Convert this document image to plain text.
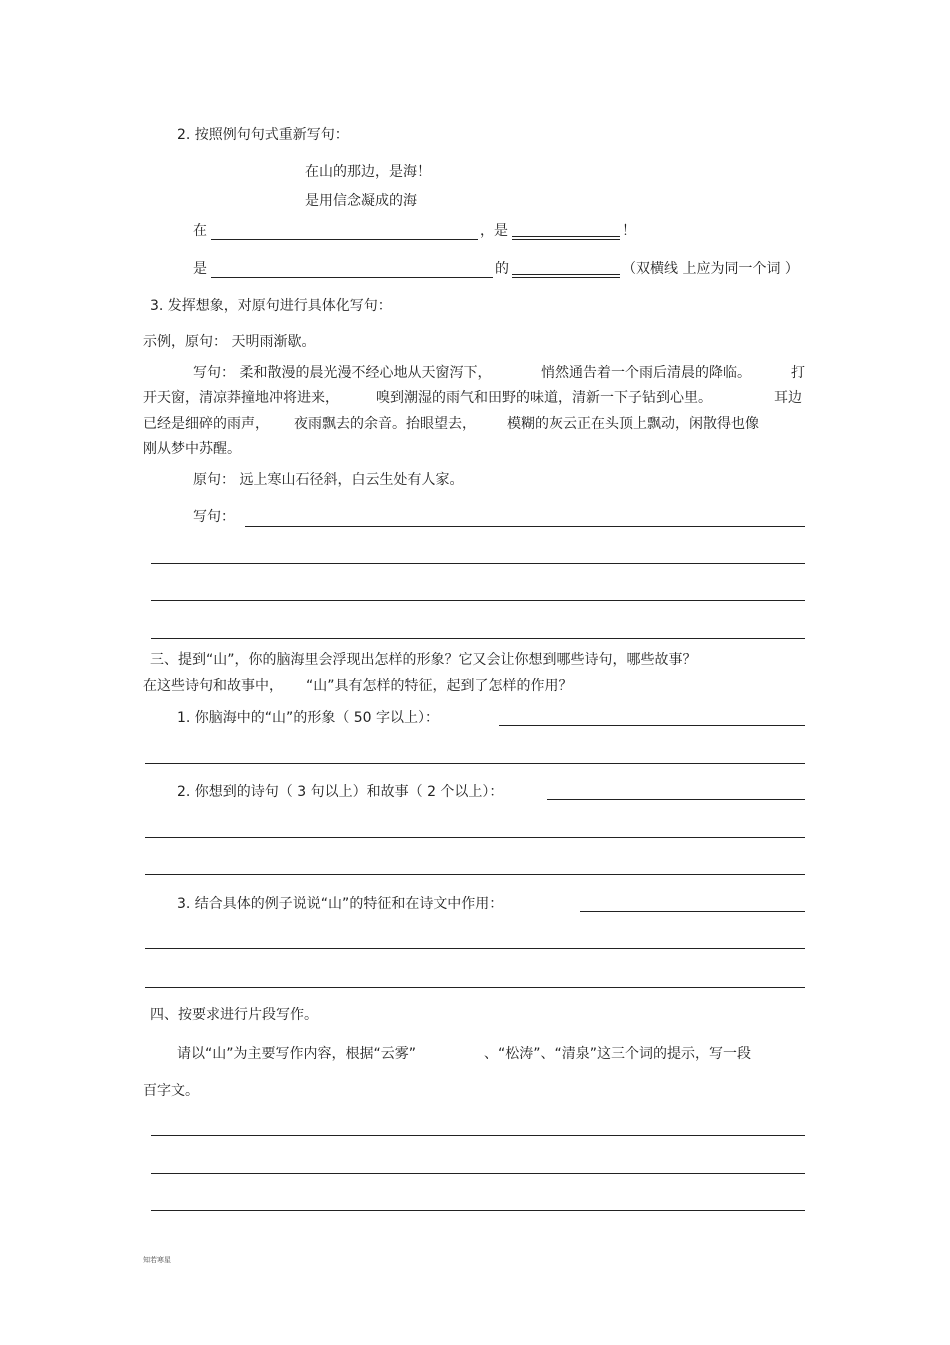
2. 按照例句句式重新写句：
在山的那边，是海！
是用信念凝成的海
在	，是	！
是	的	（双横线 上应为同一个词 ）
3. 发挥想象，对原句进行具体化写句：
示例，原句： 天明雨渐歇。
写句： 柔和散漫的晨光漫不经心地从天窗泻下，	悄然通告着一个雨后清晨的降临。	打
开天窗，清凉莽撞地冲将进来，	嗅到潮湿的雨气和田野的味道，清新一下子钻到心里。	耳边
已经是细碎的雨声， 夜雨飘去的余音。抬眼望去， 模糊的灰云正在头顶上飘动，闲散得也像
刚从梦中苏醒。
原句： 远上寒山石径斜，白云生处有人家。
写句：
三、提到“山”，你的脑海里会浮现出怎样的形象？它又会让你想到哪些诗句，哪些故事？
在这些诗句和故事中， “山”具有怎样的特征，起到了怎样的作用？
1. 你脑海中的“山”的形象（ 50 字以上）：
2. 你想到的诗句（ 3 句以上）和故事（ 2 个以上）：
3. 结合具体的例子说说“山”的特征和在诗文中作用：
四、按要求进行片段写作。
请以“山”为主要写作内容，根据“云雾”	、“松涛”、“清泉”这三个词的提示，写一段
百字文。
知若寒星
